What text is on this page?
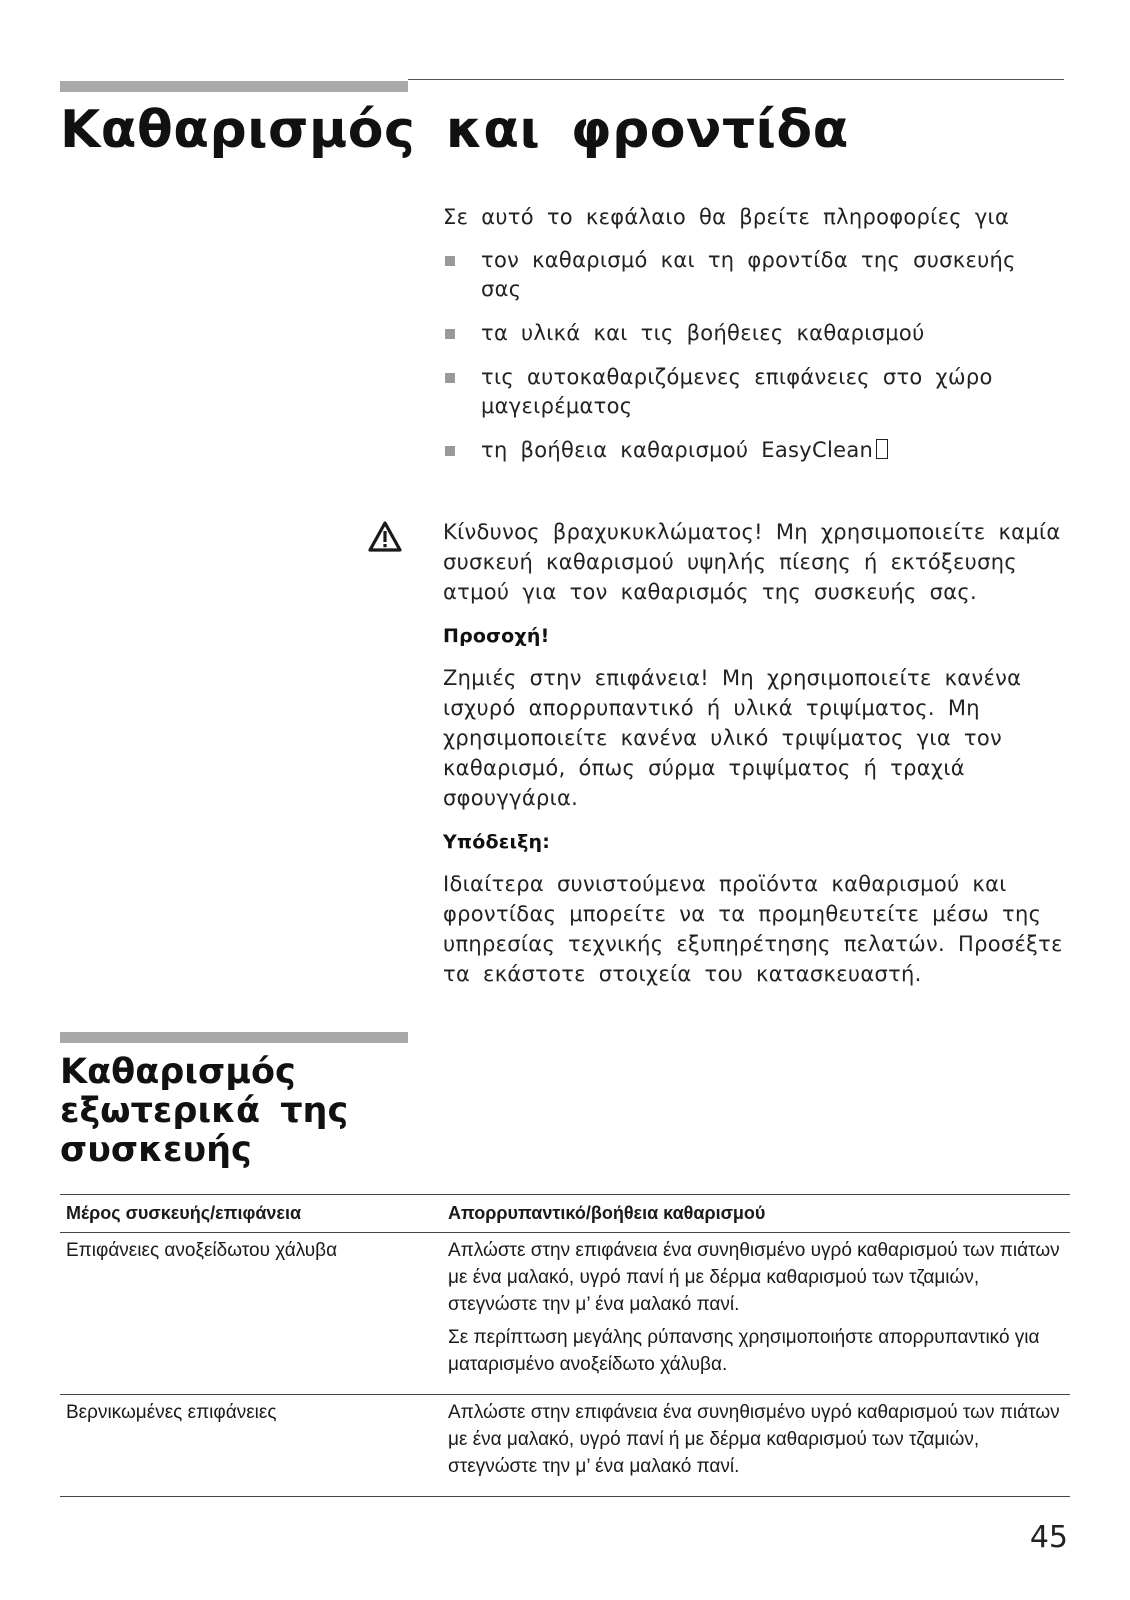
Καθαρισμός και φροντίδα

Σε αυτό το κεφάλαιο θα βρείτε πληροφορίες για

τον καθαρισμό και τη φροντίδα της συσκευής σας
τα υλικά και τις βοήθειες καθαρισμού
τις αυτοκαθαριζόμενες επιφάνειες στο χώρο μαγειρέματος
τη βοήθεια καθαρισμού EasyClean

Κίνδυνος βραχυκυκλώματος! Μη χρησιμοποιείτε καμία συσκευή καθαρισμού υψηλής πίεσης ή εκτόξευσης ατμού για τον καθαρισμός της συσκευής σας.

Προσοχή!

Ζημιές στην επιφάνεια! Μη χρησιμοποιείτε κανένα ισχυρό απορρυπαντικό ή υλικά τριψίματος. Μη χρησιμοποιείτε κανένα υλικό τριψίματος για τον καθαρισμό, όπως σύρμα τριψίματος ή τραχιά σφουγγάρια.

Υπόδειξη:

Ιδιαίτερα συνιστούμενα προϊόντα καθαρισμού και φροντίδας μπορείτε να τα προμηθευτείτε μέσω της υπηρεσίας τεχνικής εξυπηρέτησης πελατών. Προσέξτε τα εκάστοτε στοιχεία του κατασκευαστή.

Καθαρισμός εξωτερικά της συσκευής
Μέρος συσκευής/επιφάνεια	Απορρυπαντικό/βοήθεια καθαρισμού
Επιφάνειες ανοξείδωτου χάλυβα	Απλώστε στην επιφάνεια ένα συνηθισμένο υγρό καθαρισμού των πιάτων με ένα μαλακό, υγρό πανί ή με δέρμα καθαρισμού των τζαμιών, στεγνώστε την μ’ ένα μαλακό πανί.

Σε περίπτωση μεγάλης ρύπανσης χρησιμοποιήστε απορρυπαντικό για ματαρισμένο ανοξείδωτο χάλυβα.

Βερνικωμένες επιφάνειες	Απλώστε στην επιφάνεια ένα συνηθισμένο υγρό καθαρισμού των πιάτων με ένα μαλακό, υγρό πανί ή με δέρμα καθαρισμού των τζαμιών, στεγνώστε την μ’ ένα μαλακό πανί.

45
